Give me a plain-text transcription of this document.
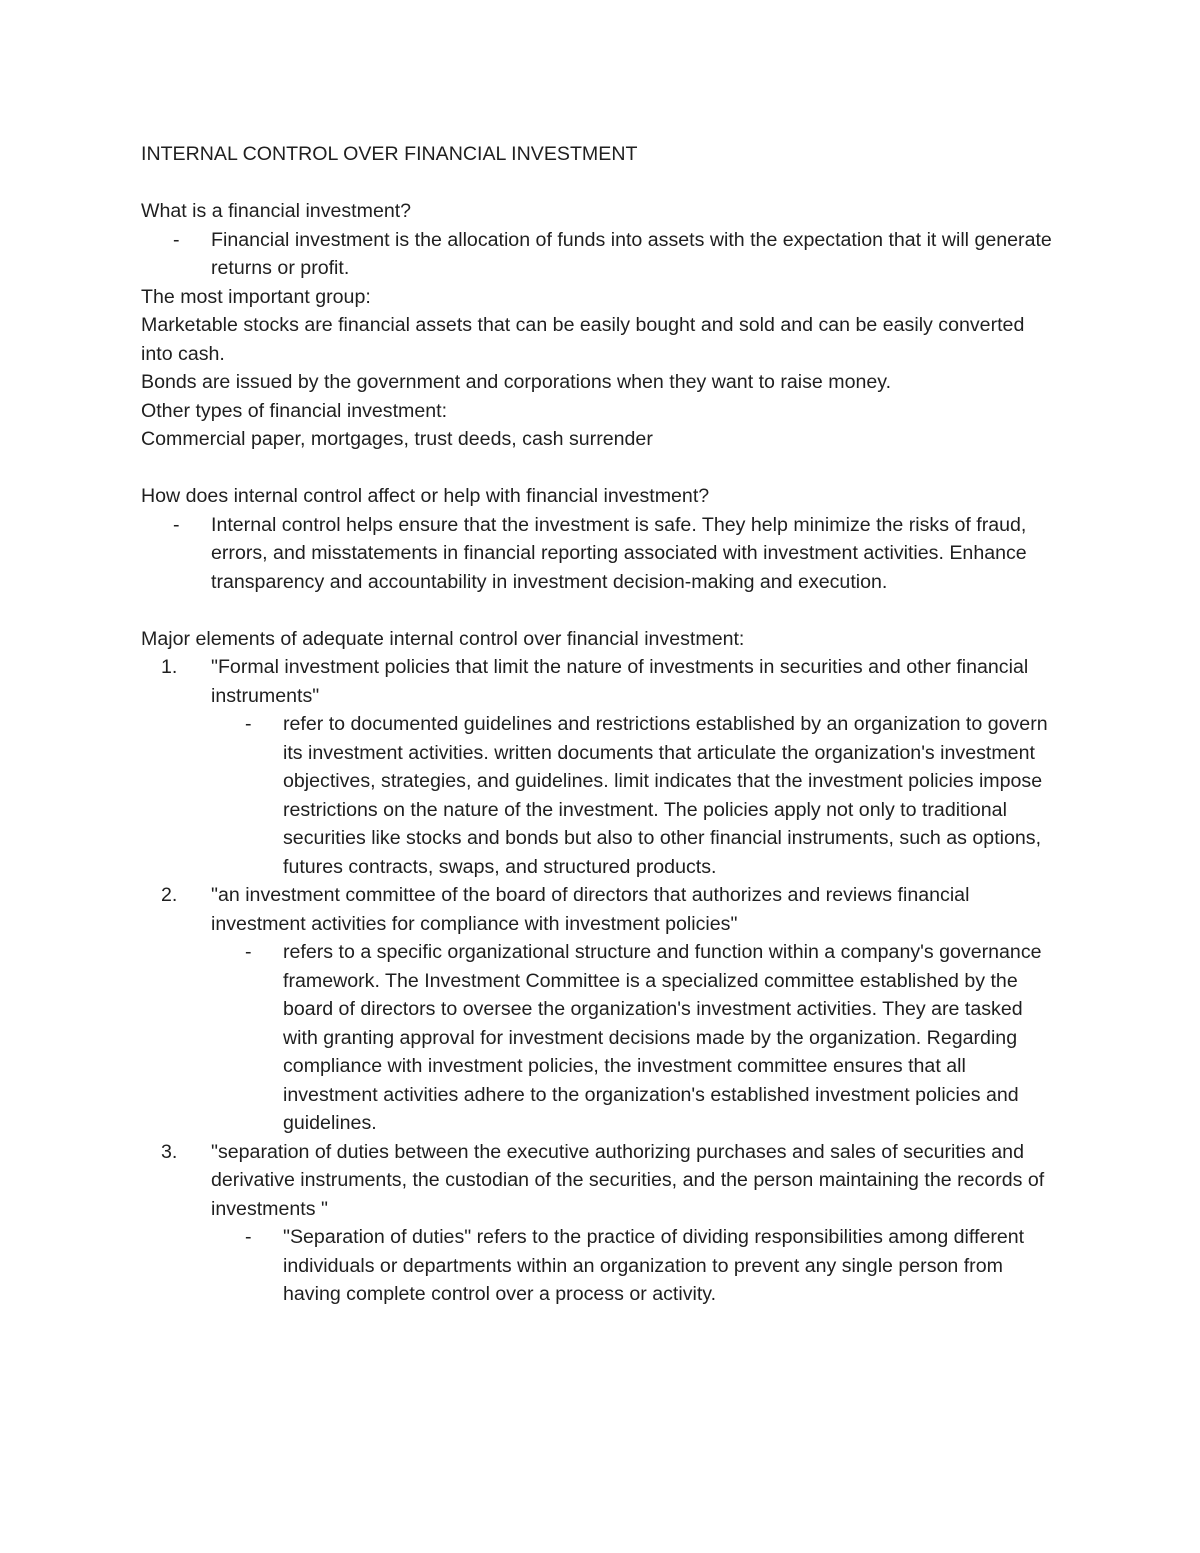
INTERNAL CONTROL OVER FINANCIAL INVESTMENT

What is a financial investment?

- Financial investment is the allocation of funds into assets with the expectation that it will generate returns or profit.

The most important group:

Marketable stocks are financial assets that can be easily bought and sold and can be easily converted into cash.

Bonds are issued by the government and corporations when they want to raise money.

Other types of financial investment:

Commercial paper, mortgages, trust deeds, cash surrender

How does internal control affect or help with financial investment?

- Internal control helps ensure that the investment is safe. They help minimize the risks of fraud, errors, and misstatements in financial reporting associated with investment activities. Enhance transparency and accountability in investment decision-making and execution.

Major elements of adequate internal control over financial investment:

1.	"Formal investment policies that limit the nature of investments in securities and other financial instruments"
- refer to documented guidelines and restrictions established by an organization to govern its investment activities. written documents that articulate the organization's investment objectives, strategies, and guidelines. limit indicates that the investment policies impose restrictions on the nature of the investment. The policies apply not only to traditional securities like stocks and bonds but also to other financial instruments, such as options, futures contracts, swaps, and structured products.
2.	"an investment committee of the board of directors that authorizes and reviews financial investment activities for compliance with investment policies"
- refers to a specific organizational structure and function within a company's governance framework. The Investment Committee is a specialized committee established by the board of directors to oversee the organization's investment activities. They are tasked with granting approval for investment decisions made by the organization. Regarding compliance with investment policies, the investment committee ensures that all investment activities adhere to the organization's established investment policies and guidelines.
3.	"separation of duties between the executive authorizing purchases and sales of securities and derivative instruments, the custodian of the securities, and the person maintaining the records of investments "
- "Separation of duties" refers to the practice of dividing responsibilities among different individuals or departments within an organization to prevent any single person from having complete control over a process or activity.
